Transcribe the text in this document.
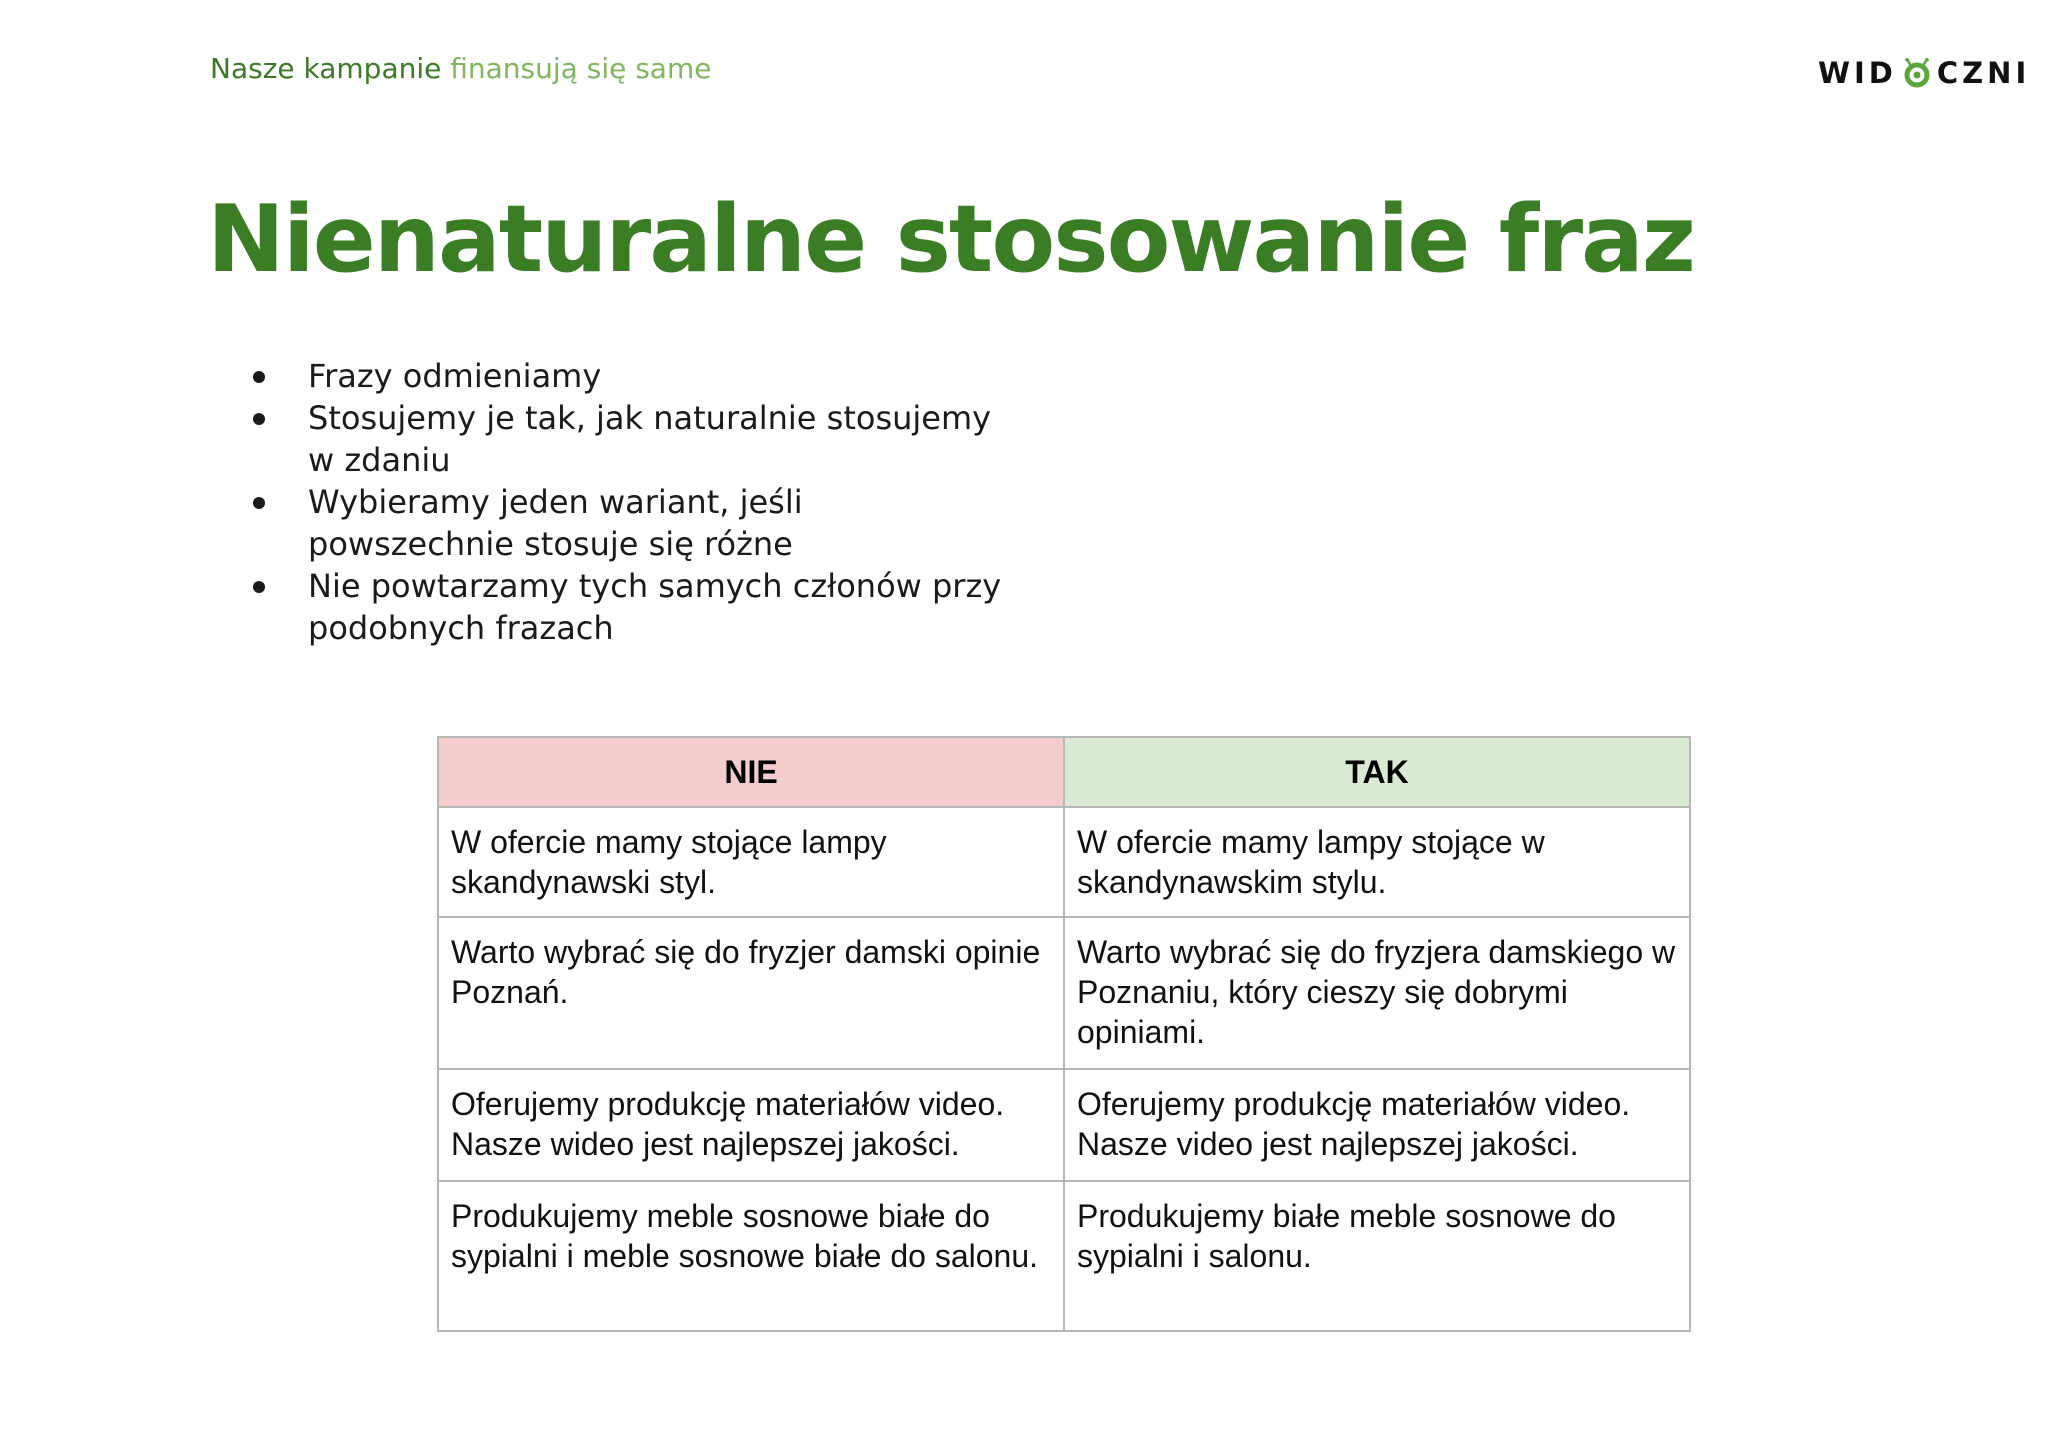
Nasze kampanie finansują się same	WID CZNI
Nienaturalne stosowanie fraz
Frazy odmieniamy
Stosujemy je tak, jak naturalnie stosujemy w zdaniu
Wybieramy jeden wariant, jeśli powszechnie stosuje się różne
Nie powtarzamy tych samych członów przy podobnych frazach
NIE	TAK
W ofercie mamy stojące lampy skandynawski styl.	W ofercie mamy lampy stojące w skandynawskim stylu.
Warto wybrać się do fryzjer damski opinie Poznań.	Warto wybrać się do fryzjera damskiego w Poznaniu, który cieszy się dobrymi opiniami.
Oferujemy produkcję materiałów video. Nasze wideo jest najlepszej jakości.	Oferujemy produkcję materiałów video. Nasze video jest najlepszej jakości.
Produkujemy meble sosnowe białe do sypialni i meble sosnowe białe do salonu.	Produkujemy białe meble sosnowe do sypialni i salonu.
